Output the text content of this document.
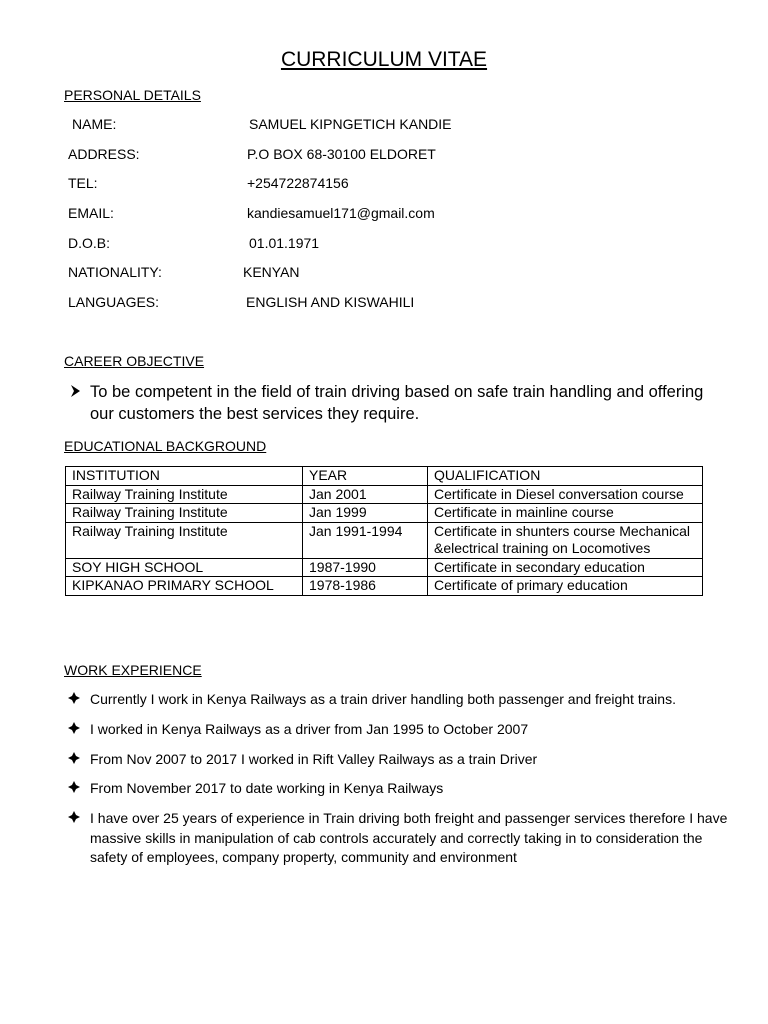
CURRICULUM VITAE
PERSONAL DETAILS
NAME:	SAMUEL KIPNGETICH KANDIE
ADDRESS:	P.O BOX 68-30100 ELDORET
TEL:	+254722874156
EMAIL:	kandiesamuel171@gmail.com
D.O.B:	01.01.1971
NATIONALITY:	KENYAN
LANGUAGES:	ENGLISH AND KISWAHILI
CAREER OBJECTIVE
To be competent in the field of train driving based on safe train handling and offering our customers the best services they require.
EDUCATIONAL BACKGROUND
INSTITUTION	YEAR	QUALIFICATION
Railway Training Institute	Jan 2001	Certificate in Diesel conversation course
Railway Training Institute	Jan 1999	Certificate in mainline course
Railway Training Institute	Jan 1991-1994	Certificate in shunters course Mechanical &electrical training on Locomotives
SOY HIGH SCHOOL	1987-1990	Certificate in secondary education
KIPKANAO PRIMARY SCHOOL	1978-1986	Certificate of primary education
WORK EXPERIENCE
Currently I work in Kenya Railways as a train driver handling both passenger and freight trains.
I worked in Kenya Railways as a driver from Jan 1995 to October 2007
From Nov 2007 to 2017 I worked in Rift Valley Railways as a train Driver
From November 2017 to date working in Kenya Railways
I have over 25 years of experience in Train driving both freight and passenger services therefore I have massive skills in manipulation of cab controls accurately and correctly taking in to consideration the safety of employees, company property, community and environment
